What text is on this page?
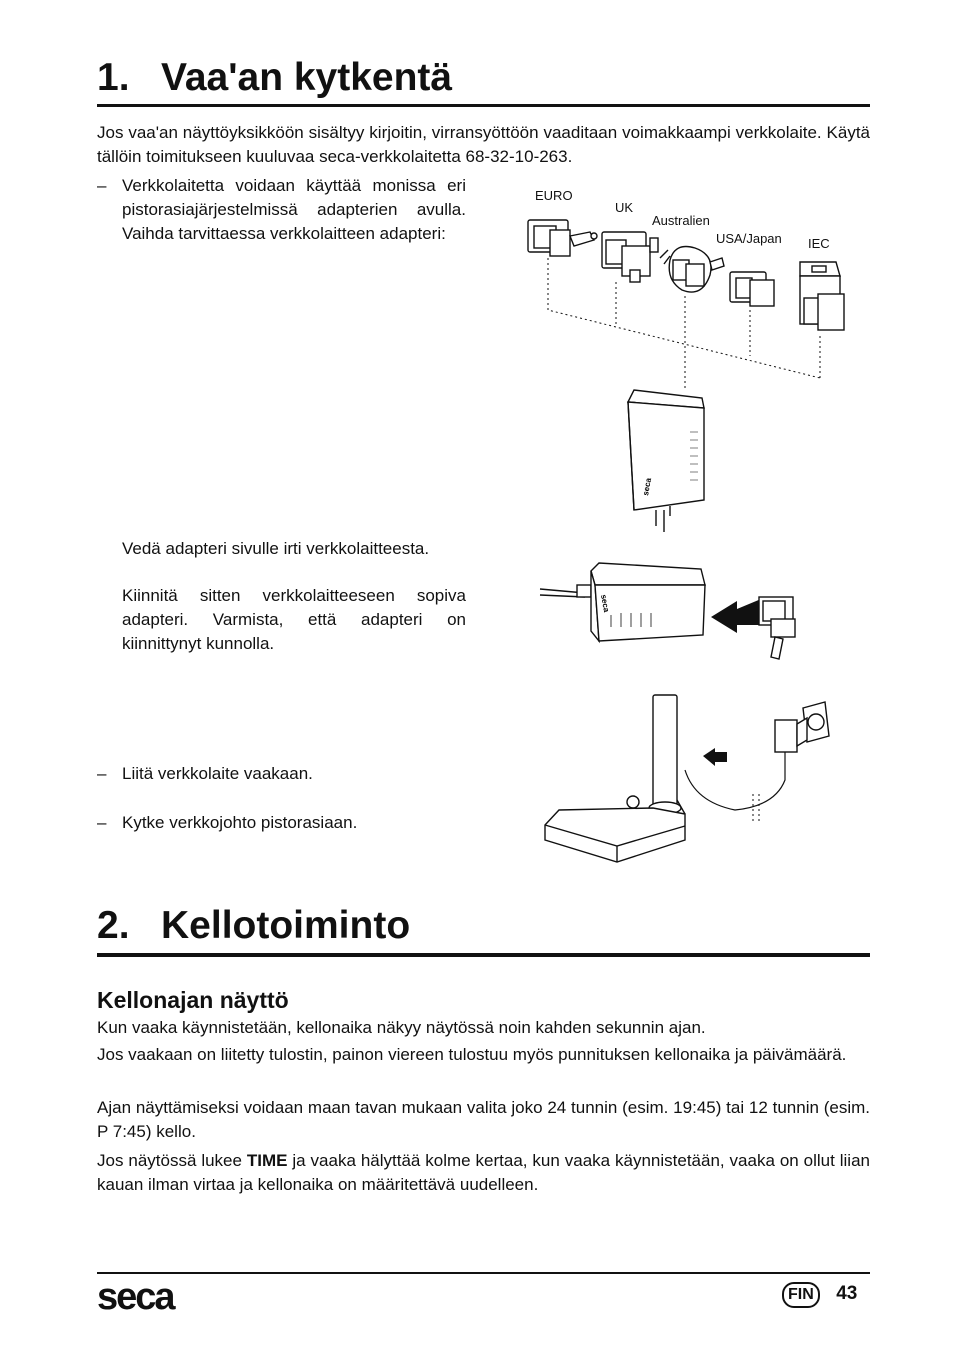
1. Vaa'an kytkentä

Jos vaa'an näyttöyksikköön sisältyy kirjoitin, virransyöttöön vaaditaan voimakkaampi verkkolaite. Käytä tällöin toimitukseen kuuluvaa seca-verkkolaitetta 68-32-10-263.

– Verkkolaitetta voidaan käyttää monissa eri pistorasiajärjestelmissä adapterien avulla. Vaihda tarvittaessa verkkolaitteen adapteri:

Vedä adapteri sivulle irti verkkolaitteesta.

Kiinnitä sitten verkkolaitteeseen sopiva adapteri. Varmista, että adapteri on kiinnittynyt kunnolla.

– Liitä verkkolaite vaakaan.
– Kytke verkkojohto pistorasiaan.
EURO
UK
Australien
USA/Japan IEC
seca
seca
2. Kellotoiminto
Kellonajan näyttö

Kun vaaka käynnistetään, kellonaika näkyy näytössä noin kahden sekunnin ajan.

Jos vaakaan on liitetty tulostin, painon viereen tulostuu myös punnituksen kellonaika ja päivämäärä.

Ajan näyttämiseksi voidaan maan tavan mukaan valita joko 24 tunnin (esim. 19:45) tai 12 tunnin (esim. P 7:45) kello.

Jos näytössä lukee TIME ja vaaka hälyttää kolme kertaa, kun vaaka käynnistetään, vaaka on ollut liian kauan ilman virtaa ja kellonaika on määritettävä uudelleen.

seca	FIN 43
